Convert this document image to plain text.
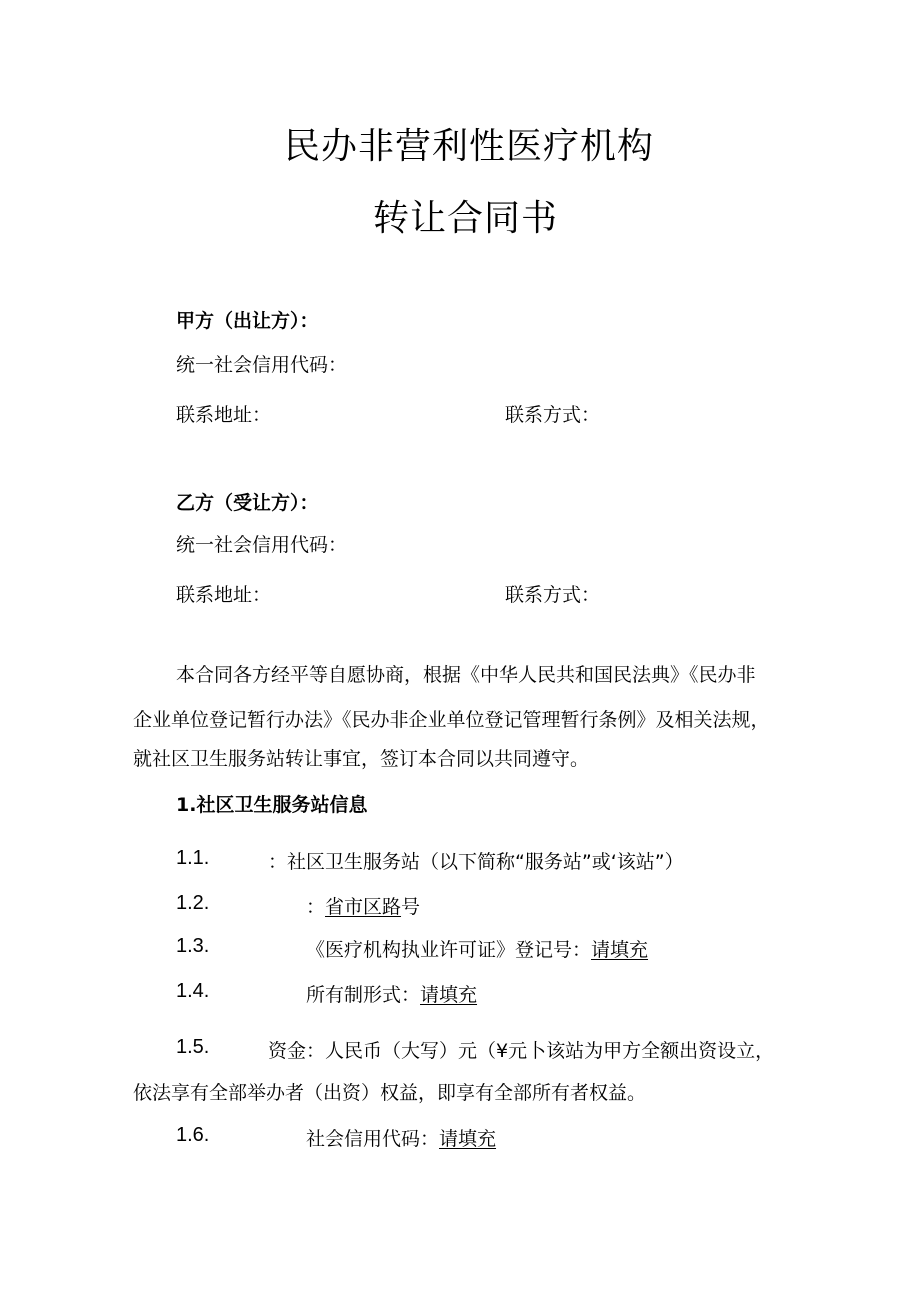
民办非营利性医疗机构
转让合同书
甲方（出让方）：
统一社会信用代码：
联系地址：	联系方式：
乙方（受让方）：
统一社会信用代码：
联系地址：	联系方式：
本合同各方经平等自愿协商，根据《中华人民共和国民法典》《民办非
企业单位登记暂行办法》《民办非企业单位登记管理暂行条例》及相关法规，
就社区卫生服务站转让事宜，签订本合同以共同遵守。
1.社区卫生服务站信息
1.1.	：社区卫生服务站（以下简称“服务站”或‘该站”）
1.2.	：省市区路号
1.3.	《医疗机构执业许可证》登记号：请填充
1.4.	所有制形式：请填充
1.5.	资金：人民币（大写）元（¥元卜该站为甲方全额出资设立，
依法享有全部举办者（出资）权益，即享有全部所有者权益。
1.6.	社会信用代码：请填充
